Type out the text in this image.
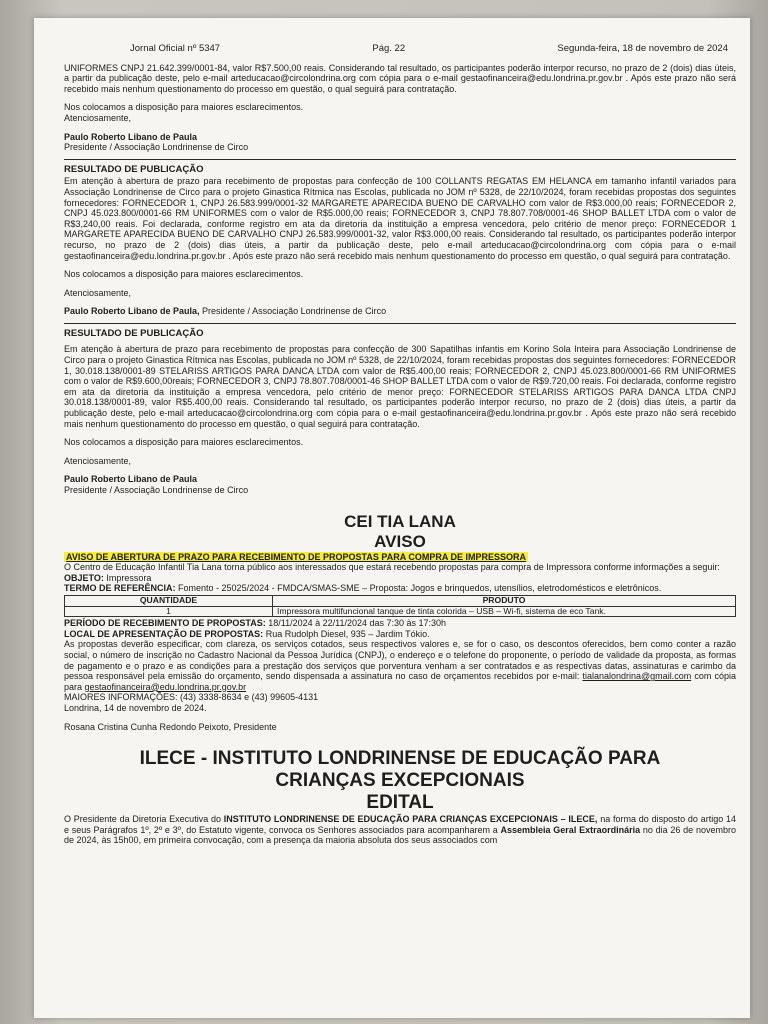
Jornal Oficial nº 5347	Pág. 22	Segunda-feira, 18 de novembro de 2024

UNIFORMES CNPJ 21.642.399/0001-84, valor R$7.500,00 reais. Considerando tal resultado, os participantes poderão interpor recurso, no prazo de 2 (dois) dias úteis, a partir da publicação deste, pelo e-mail arteducacao@circolondrina.org com cópia para o e-mail gestaofinanceira@edu.londrina.pr.gov.br . Após este prazo não será recebido mais nenhum questionamento do processo em questão, o qual seguirá para contratação.

Nos colocamos a disposição para maiores esclarecimentos.

Atenciosamente,

Paulo Roberto Libano de Paula

Presidente / Associação Londrinense de Circo

RESULTADO DE PUBLICAÇÃO

Em atenção à abertura de prazo para recebimento de propostas para confecção de 100 COLLANTS REGATAS EM HELANCA em tamanho infantil variados para Associação Londrinense de Circo para o projeto Ginastica Rítmica nas Escolas, publicada no JOM nº 5328, de 22/10/2024, foram recebidas propostas dos seguintes fornecedores: FORNECEDOR 1, CNPJ 26.583.999/0001-32 MARGARETE APARECIDA BUENO DE CARVALHO com valor de R$3.000,00 reais; FORNECEDOR 2, CNPJ 45.023.800/0001-66 RM UNIFORMES com o valor de R$5.000,00 reais; FORNECEDOR 3, CNPJ 78.807.708/0001-46 SHOP BALLET LTDA com o valor de R$3,240,00 reais. Foi declarada, conforme registro em ata da diretoria da instituição a empresa vencedora, pelo critério de menor preço: FORNECEDOR 1 MARGARETE APARECIDA BUENO DE CARVALHO CNPJ 26.583.999/0001-32, valor R$3.000,00 reais. Considerando tal resultado, os participantes poderão interpor recurso, no prazo de 2 (dois) dias úteis, a partir da publicação deste, pelo e-mail arteducacao@circolondrina.org com cópia para o e-mail gestaofinanceira@edu.londrina.pr.gov.br . Após este prazo não será recebido mais nenhum questionamento do processo em questão, o qual seguirá para contratação.

Nos colocamos a disposição para maiores esclarecimentos.

Atenciosamente,

Paulo Roberto Libano de Paula, Presidente / Associação Londrinense de Circo

RESULTADO DE PUBLICAÇÃO

Em atenção à abertura de prazo para recebimento de propostas para confecção de 300 Sapatilhas infantis em Korino Sola Inteira para Associação Londrinense de Circo para o projeto Ginastica Rítmica nas Escolas, publicada no JOM nº 5328, de 22/10/2024, foram recebidas propostas dos seguintes fornecedores: FORNECEDOR 1, 30.018.138/0001-89 STELARISS ARTIGOS PARA DANCA LTDA com valor de R$5.400,00 reais; FORNECEDOR 2, CNPJ 45.023.800/0001-66 RM UNIFORMES com o valor de R$9.600,00reais; FORNECEDOR 3, CNPJ 78.807.708/0001-46 SHOP BALLET LTDA com o valor de R$9.720,00 reais. Foi declarada, conforme registro em ata da diretoria da instituição a empresa vencedora, pelo critério de menor preço: FORNECEDOR STELARISS ARTIGOS PARA DANCA LTDA CNPJ 30.018.138/0001-89, valor R$5.400,00 reais. Considerando tal resultado, os participantes poderão interpor recurso, no prazo de 2 (dois) dias úteis, a partir da publicação deste, pelo e-mail arteducacao@circolondrina.org com cópia para o e-mail gestaofinanceira@edu.londrina.pr.gov.br . Após este prazo não será recebido mais nenhum questionamento do processo em questão, o qual seguirá para contratação.

Nos colocamos a disposição para maiores esclarecimentos.

Atenciosamente,

Paulo Roberto Libano de Paula

Presidente / Associação Londrinense de Circo

CEI TIA LANA
AVISO

AVISO DE ABERTURA DE PRAZO PARA RECEBIMENTO DE PROPOSTAS PARA COMPRA DE IMPRESSORA

O Centro de Educação Infantil Tia Lana torna público aos interessados que estará recebendo propostas para compra de Impressora conforme informações a seguir:

OBJETO: Impressora

TERMO DE REFERÊNCIA: Fomento - 25025/2024 - FMDCA/SMAS-SME – Proposta: Jogos e brinquedos, utensílios, eletrodomésticos e eletrônicos.

QUANTIDADE	PRODUTO
1	Impressora multifuncional tanque de tinta colorida – USB – Wi-fi, sistema de eco Tank.

PERÍODO DE RECEBIMENTO DE PROPOSTAS: 18/11/2024 à 22/11/2024 das 7:30 às 17:30h

LOCAL DE APRESENTAÇÃO DE PROPOSTAS: Rua Rudolph Diesel, 935 – Jardim Tókio.

As propostas deverão especificar, com clareza, os serviços cotados, seus respectivos valores e, se for o caso, os descontos oferecidos, bem como conter a razão social, o número de inscrição no Cadastro Nacional da Pessoa Jurídica (CNPJ), o endereço e o telefone do proponente, o período de validade da proposta, as formas de pagamento e o prazo e as condições para a prestação dos serviços que porventura venham a ser contratados e as respectivas datas, assinaturas e carimbo da pessoa responsável pela emissão do orçamento, sendo dispensada a assinatura no caso de orçamentos recebidos por e-mail: tialanalondrina@gmail.com com cópia para gestaofinanceira@edu.londrina.pr.gov.br

MAIORES INFORMAÇÕES: (43) 3338-8634 e (43) 99605-4131

Londrina, 14 de novembro de 2024.

Rosana Cristina Cunha Redondo Peixoto, Presidente

ILECE - INSTITUTO LONDRINENSE DE EDUCAÇÃO PARA
CRIANÇAS EXCEPCIONAIS
EDITAL

O Presidente da Diretoria Executiva do INSTITUTO LONDRINENSE DE EDUCAÇÃO PARA CRIANÇAS EXCEPCIONAIS – ILECE, na forma do disposto do artigo 14 e seus Parágrafos 1º, 2º e 3º, do Estatuto vigente, convoca os Senhores associados para acompanharem a Assembleia Geral Extraordinária no dia 26 de novembro de 2024, às 15h00, em primeira convocação, com a presença da maioria absoluta dos seus associados com
